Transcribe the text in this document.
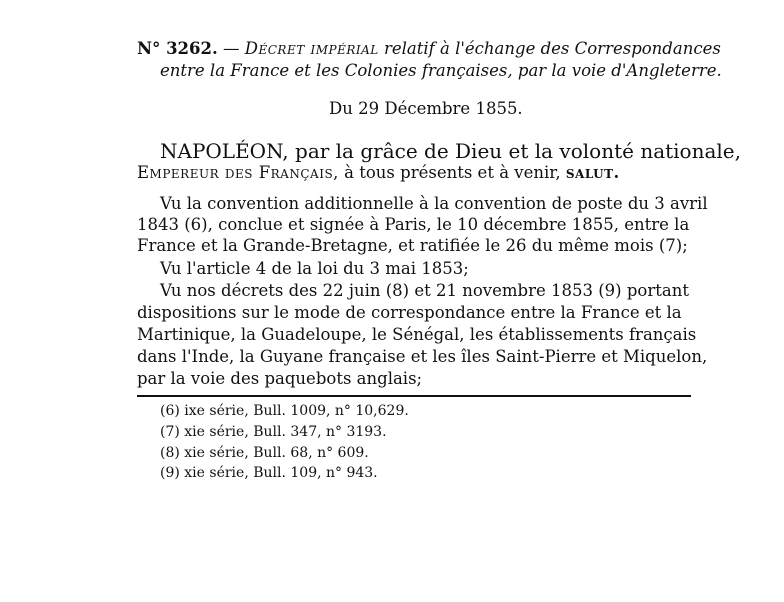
N° 3262. — Décret impérial relatif à l'échange des Correspondances
entre la France et les Colonies françaises, par la voie d'Angleterre.
Du 29 Décembre 1855.
NAPOLÉON, par la grâce de Dieu et la volonté nationale,
Empereur des Français, à tous présents et à venir, salut.
Vu la convention additionnelle à la convention de poste du 3 avril
1843 (6), conclue et signée à Paris, le 10 décembre 1855, entre la
France et la Grande-Bretagne, et ratifiée le 26 du même mois (7);
Vu l'article 4 de la loi du 3 mai 1853;
Vu nos décrets des 22 juin (8) et 21 novembre 1853 (9) portant
dispositions sur le mode de correspondance entre la France et la
Martinique, la Guadeloupe, le Sénégal, les établissements français
dans l'Inde, la Guyane française et les îles Saint-Pierre et Miquelon,
par la voie des paquebots anglais;
(6) ixe série, Bull. 1009, n° 10,629.
(7) xie série, Bull. 347, n° 3193.
(8) xie série, Bull. 68, n° 609.
(9) xie série, Bull. 109, n° 943.
